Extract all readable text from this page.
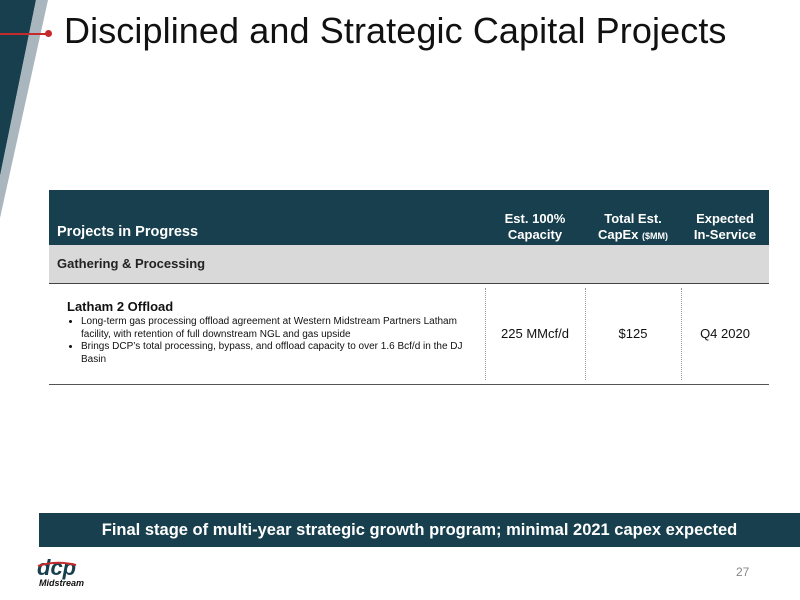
Disciplined and Strategic Capital Projects
Projects in Progress
Est. 100%
Capacity
Total Est.
CapEx ($MM)
Expected
In-Service
Gathering & Processing
Latham 2 Offload
• Long-term gas processing offload agreement at Western Midstream Partners Latham facility, with retention of full downstream NGL and gas upside
• Brings DCP’s total processing, bypass, and offload capacity to over 1.6 Bcf/d in the DJ Basin
225 MMcf/d	$125	Q4 2020
Final stage of multi-year strategic growth program; minimal 2021 capex expected
dcp
Midstream
27
